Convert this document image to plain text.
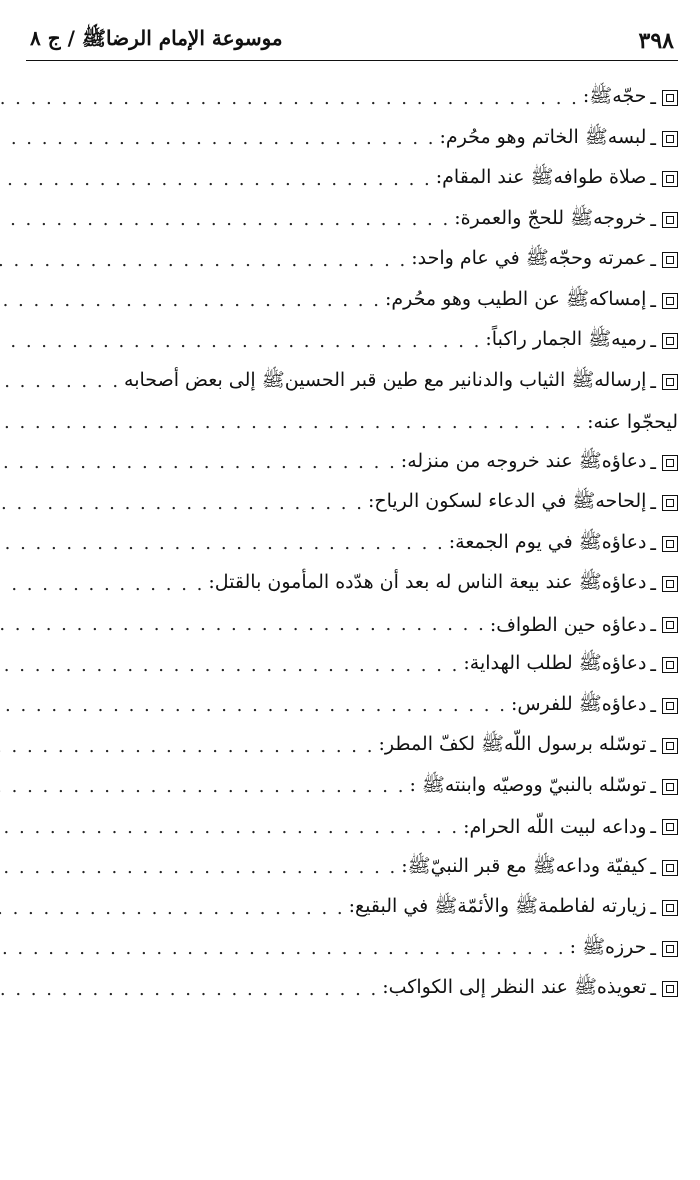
٣٩٨
موسوعة الإمام الرضاﷺ / ج ٨
ـ
حجّهﷺ:
. . .
ـ
لبسهﷺ الخاتم وهو محُرم:
. . .
ـ
صلاة طوافهﷺ عند المقام:
. . .
ـ
خروجهﷺ للحجّ والعمرة:
. . .
ـ
عمرته وحجّهﷺ في عام واحد:
. . .
ـ
إمساكهﷺ عن الطيب وهو محُرم:
. . .
ـ
رميهﷺ الجمار راكباً:
. . .
ـ
إرسالهﷺ الثياب والدنانير مع طين قبر الحسينﷺ إلى بعض أصحابه
. . .
ليحجّوا عنه:
. . .
ـ
دعاؤهﷺ عند خروجه من منزله:
. . .
ـ
إلحاحهﷺ في الدعاء لسكون الرياح:
. . .
ـ
دعاؤهﷺ في يوم الجمعة:
. . .
ـ
دعاؤهﷺ عند بيعة الناس له بعد أن هدّده المأمون بالقتل:
. . .
ـ
دعاؤه حين الطواف:
. . .
ـ
دعاؤهﷺ لطلب الهداية:
. . .
ـ
دعاؤهﷺ للفرس:
. . .
ـ
توسّله برسول اللّهﷺ لكفّ المطر:
. . .
ـ
توسّله بالنبيّ ووصيّه وابنتهﷺ :
. . .
ـ
وداعه لبيت اللّه الحرام:
. . .
ـ
كيفيّة وداعهﷺ مع قبر النبيّﷺ:
. . .
ـ
زيارته لفاطمةﷺ والأئمّةﷺ في البقيع:
. . .
ـ
حرزهﷺ :
. . .
ـ
تعويذهﷺ عند النظر إلى الكواكب:
. . .
